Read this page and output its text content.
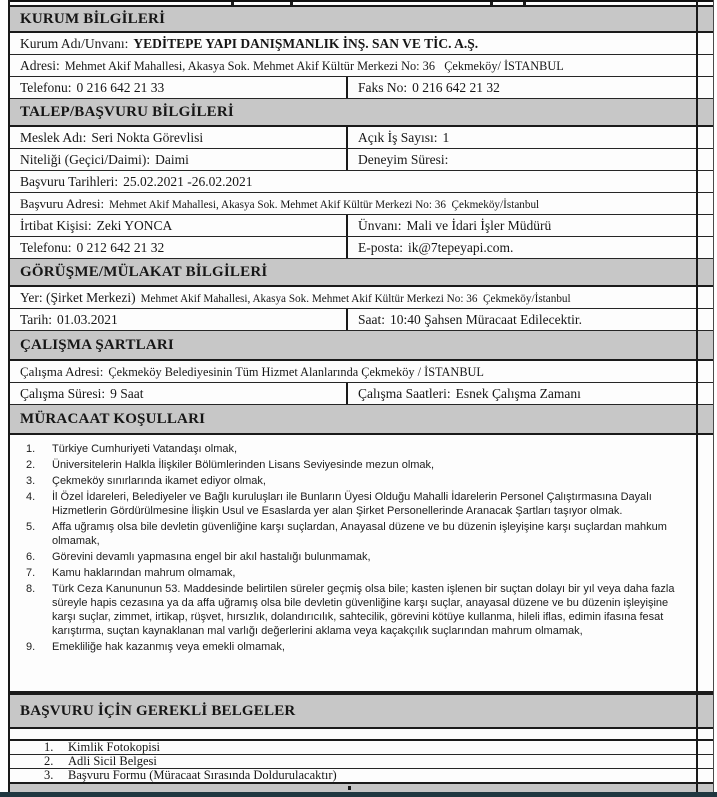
KURUM BİLGİLERİ
Kurum Adı/Unvanı: YEDİTEPE YAPI DANIŞMANLIK İNŞ. SAN VE TİC. A.Ş.
Adresi: Mehmet Akif Mahallesi, Akasya Sok. Mehmet Akif Kültür Merkezi No: 36   Çekmeköy/ İSTANBUL
Telefonu: 0 216 642 21 33	Faks No: 0 216 642 21 32
TALEP/BAŞVURU BİLGİLERİ
Meslek Adı: Seri Nokta Görevlisi	Açık İş Sayısı: 1
Niteliği (Geçici/Daimi): Daimi	Deneyim Süresi:
Başvuru Tarihleri: 25.02.2021 -26.02.2021
Başvuru Adresi: Mehmet Akif Mahallesi, Akasya Sok. Mehmet Akif Kültür Merkezi No: 36  Çekmeköy/İstanbul
İrtibat Kişisi: Zeki YONCA	Ünvanı: Mali ve İdari İşler Müdürü
Telefonu: 0 212 642 21 32	E-posta: ik@7tepeyapi.com.
GÖRÜŞME/MÜLAKAT BİLGİLERİ
Yer: (Şirket Merkezi) Mehmet Akif Mahallesi, Akasya Sok. Mehmet Akif Kültür Merkezi No: 36  Çekmeköy/İstanbul
Tarih: 01.03.2021	Saat: 10:40 Şahsen Müracaat Edilecektir.
ÇALIŞMA ŞARTLARI
Çalışma Adresi: Çekmeköy Belediyesinin Tüm Hizmet Alanlarında Çekmeköy / İSTANBUL
Çalışma Süresi: 9 Saat	Çalışma Saatleri: Esnek Çalışma Zamanı
MÜRACAAT KOŞULLARI
1.	Türkiye Cumhuriyeti Vatandaşı olmak,
2.	Üniversitelerin Halkla İlişkiler Bölümlerinden Lisans Seviyesinde mezun olmak,
3.	Çekmeköy sınırlarında ikamet ediyor olmak,
4.	İl Özel İdareleri, Belediyeler ve Bağlı kuruluşları ile Bunların Üyesi Olduğu Mahalli İdarelerin Personel Çalıştırmasına Dayalı Hizmetlerin Gördürülmesine İlişkin Usul ve Esaslarda yer alan Şirket Personellerinde Aranacak Şartları taşıyor olmak.
5.	Affa uğramış olsa bile devletin güvenliğine karşı suçlardan, Anayasal düzene ve bu düzenin işleyişine karşı suçlardan mahkum olmamak,
6.	Görevini devamlı yapmasına engel bir akıl hastalığı bulunmamak,
7.	Kamu haklarından mahrum olmamak,
8.	Türk Ceza Kanununun 53. Maddesinde belirtilen süreler geçmiş olsa bile; kasten işlenen bir suçtan dolayı bir yıl veya daha fazla süreyle hapis cezasına ya da affa uğramış olsa bile devletin güvenliğine karşı suçlar, anayasal düzene ve bu düzenin işleyişine karşı suçlar, zimmet, irtikap, rüşvet, hırsızlık, dolandırıcılık, sahtecilik, görevini kötüye kullanma, hileli iflas, edimin ifasına fesat karıştırma, suçtan kaynaklanan mal varlığı değerlerini aklama veya kaçakçılık suçlarından mahrum olmamak,
9.	Emekliliğe hak kazanmış veya emekli olmamak,
BAŞVURU İÇİN GEREKLİ BELGELER
1.	Kimlik Fotokopisi
2.	Adli Sicil Belgesi
3.	Başvuru Formu (Müracaat Sırasında Doldurulacaktır)
